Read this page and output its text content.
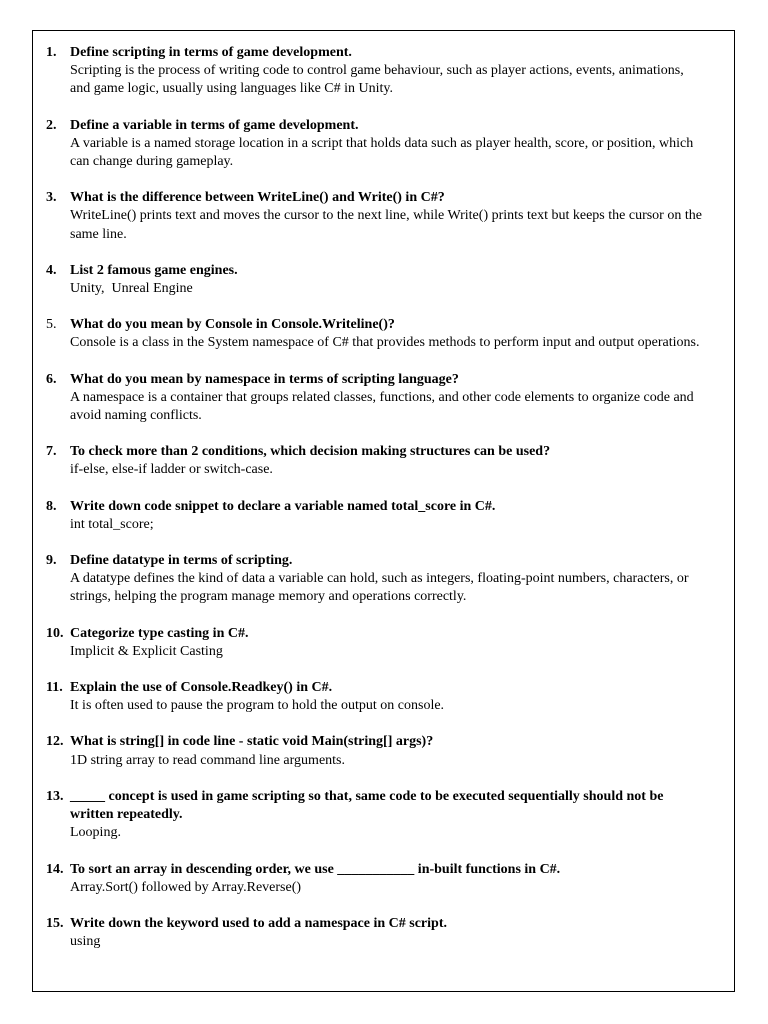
1. Define scripting in terms of game development.
Scripting is the process of writing code to control game behaviour, such as player actions, events, animations, and game logic, usually using languages like C# in Unity.
2. Define a variable in terms of game development.
A variable is a named storage location in a script that holds data such as player health, score, or position, which can change during gameplay.
3. What is the difference between WriteLine() and Write() in C#?
WriteLine() prints text and moves the cursor to the next line, while Write() prints text but keeps the cursor on the same line.
4. List 2 famous game engines.
Unity,  Unreal Engine
5. What do you mean by Console in Console.Writeline()?
Console is a class in the System namespace of C# that provides methods to perform input and output operations.
6. What do you mean by namespace in terms of scripting language?
A namespace is a container that groups related classes, functions, and other code elements to organize code and avoid naming conflicts.
7. To check more than 2 conditions, which decision making structures can be used?
if-else, else-if ladder or switch-case.
8. Write down code snippet to declare a variable named total_score in C#.
int total_score;
9. Define datatype in terms of scripting.
A datatype defines the kind of data a variable can hold, such as integers, floating-point numbers, characters, or strings, helping the program manage memory and operations correctly.
10. Categorize type casting in C#.
Implicit & Explicit Casting
11. Explain the use of Console.Readkey() in C#.
It is often used to pause the program to hold the output on console.
12. What is string[] in code line - static void Main(string[] args)?
1D string array to read command line arguments.
13. _____ concept is used in game scripting so that, same code to be executed sequentially should not be written repeatedly.
Looping.
14. To sort an array in descending order, we use ___________ in-built functions in C#.
Array.Sort() followed by Array.Reverse()
15. Write down the keyword used to add a namespace in C# script.
using
